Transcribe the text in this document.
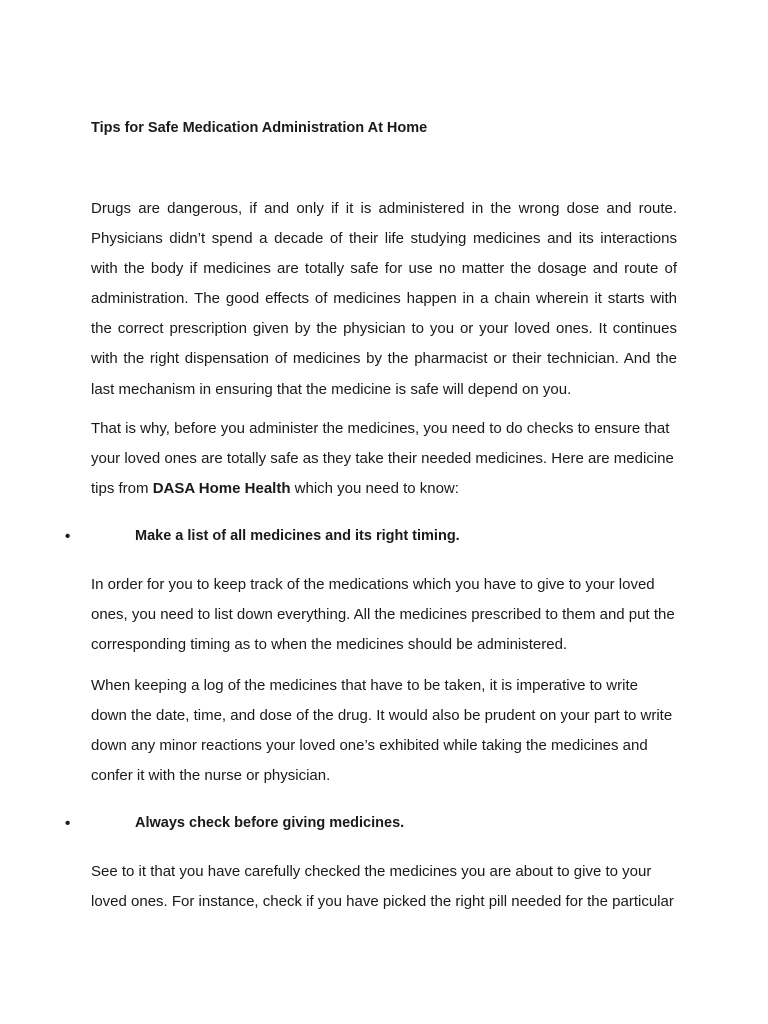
Tips for Safe Medication Administration At Home

Drugs are dangerous, if and only if it is administered in the wrong dose and route.
Physicians didn’t spend a decade of their life studying medicines and its interactions
with the body if medicines are totally safe for use no matter the dosage and route of
administration. The good effects of medicines happen in a chain wherein it starts with
the correct prescription given by the physician to you or your loved ones. It continues
with the right dispensation of medicines by the pharmacist or their technician. And the
last mechanism in ensuring that the medicine is safe will depend on you.

That is why, before you administer the medicines, you need to do checks to ensure that
your loved ones are totally safe as they take their needed medicines. Here are medicine
tips from DASA Home Health which you need to know:

•	Make a list of all medicines and its right timing.

In order for you to keep track of the medications which you have to give to your loved
ones, you need to list down everything. All the medicines prescribed to them and put the
corresponding timing as to when the medicines should be administered.

When keeping a log of the medicines that have to be taken, it is imperative to write
down the date, time, and dose of the drug. It would also be prudent on your part to write
down any minor reactions your loved one’s exhibited while taking the medicines and
confer it with the nurse or physician.

•	Always check before giving medicines.

See to it that you have carefully checked the medicines you are about to give to your
loved ones. For instance, check if you have picked the right pill needed for the particular
